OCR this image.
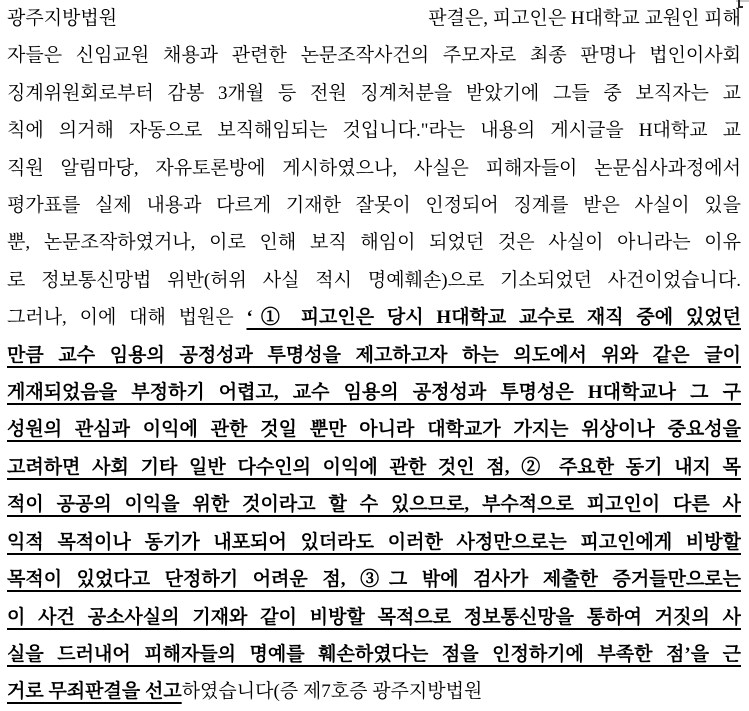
광주지방법원	판결은, 피고인은 H대학교 교원인 피해
자들은 신임교원 채용과 관련한 논문조작사건의 주모자로 최종 판명나 법인이사회
징계위원회로부터 감봉 3개월 등 전원 징계처분을 받았기에 그들 중 보직자는 교
칙에 의거해 자동으로 보직해임되는 것입니다."라는 내용의 게시글을 H대학교 교
직원 알림마당, 자유토론방에 게시하였으나, 사실은 피해자들이 논문심사과정에서
평가표를 실제 내용과 다르게 기재한 잘못이 인정되어 징계를 받은 사실이 있을
뿐, 논문조작하였거나, 이로 인해 보직 해임이 되었던 것은 사실이 아니라는 이유
로 정보통신망법 위반(허위 사실 적시 명예훼손)으로 기소되었던 사건이었습니다.
그러나, 이에 대해 법원은 ‘① 피고인은 당시 H대학교 교수로 재직 중에 있었던
만큼 교수 임용의 공정성과 투명성을 제고하고자 하는 의도에서 위와 같은 글이
게재되었음을 부정하기 어렵고, 교수 임용의 공정성과 투명성은 H대학교나 그 구
성원의 관심과 이익에 관한 것일 뿐만 아니라 대학교가 가지는 위상이나 중요성을
고려하면 사회 기타 일반 다수인의 이익에 관한 것인 점, ② 주요한 동기 내지 목
적이 공공의 이익을 위한 것이라고 할 수 있으므로, 부수적으로 피고인이 다른 사
익적 목적이나 동기가 내포되어 있더라도 이러한 사정만으로는 피고인에게 비방할
목적이 있었다고 단정하기 어려운 점, ③그 밖에 검사가 제출한 증거들만으로는
이 사건 공소사실의 기재와 같이 비방할 목적으로 정보통신망을 통하여 거짓의 사
실을 드러내어 피해자들의 명예를 훼손하였다는 점을 인정하기에 부족한 점’을 근
거로 무죄판결을 선고하였습니다(증 제7호증 광주지방법원
